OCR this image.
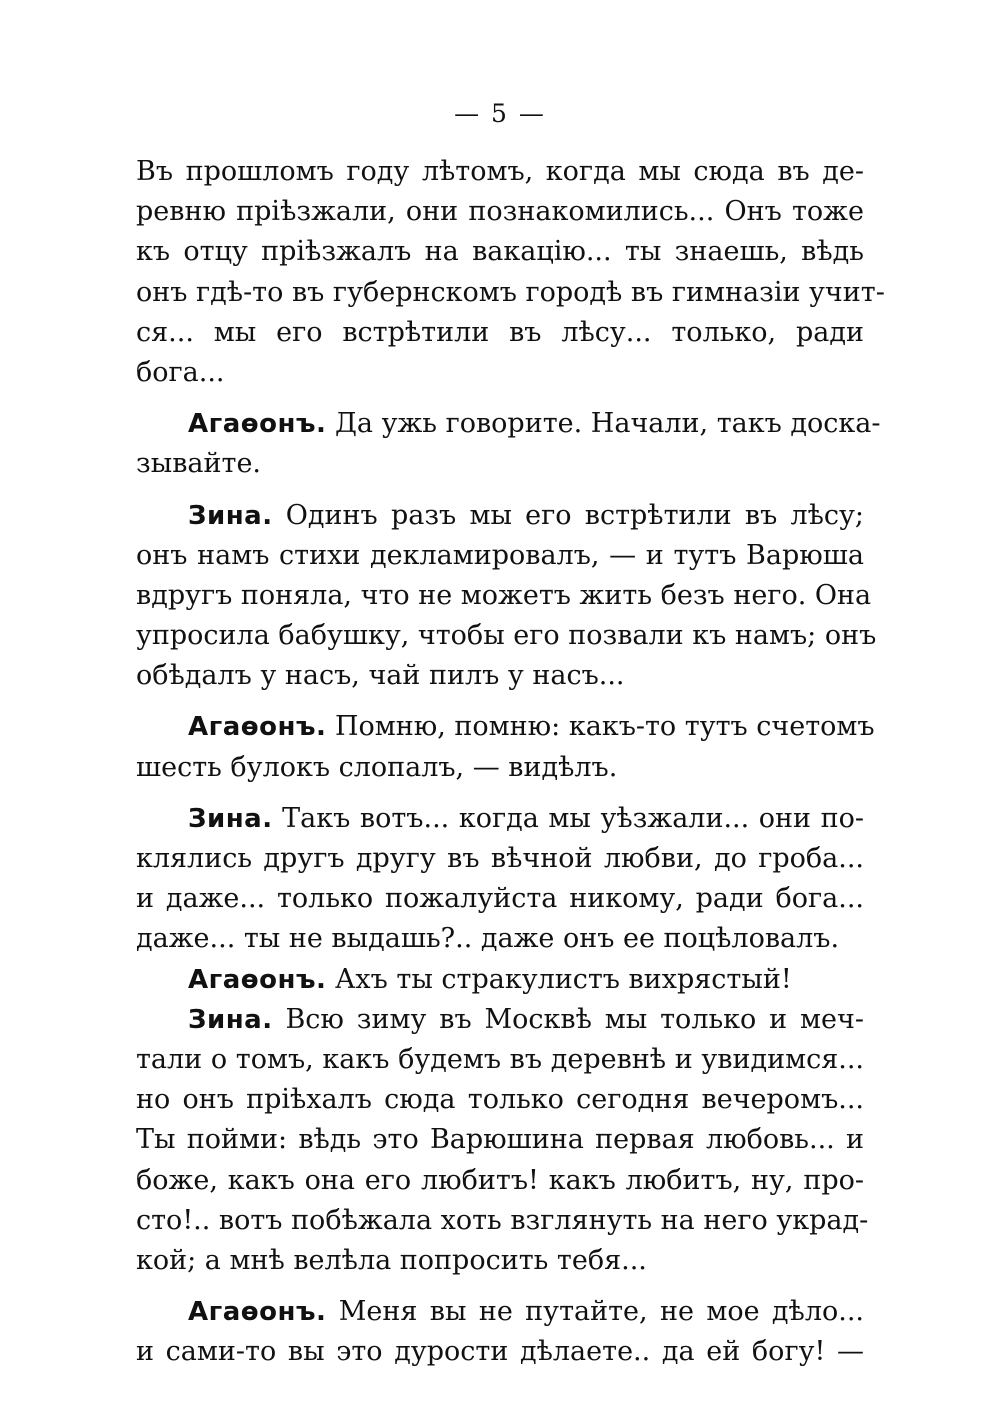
— 5 —
Въ прошломъ году лѣтомъ, когда мы сюда въ де-
ревню пріѣзжали, они познакомились... Онъ тоже
къ отцу пріѣзжалъ на вакацію... ты знаешь, вѣдь
онъ гдѣ-то въ губернскомъ городѣ въ гимназіи учит-
ся... мы его встрѣтили въ лѣсу... только, ради
бога...
Агаѳонъ. Да ужь говорите. Начали, такъ доска-
зывайте.
Зина. Одинъ разъ мы его встрѣтили въ лѣсу;
онъ намъ стихи декламировалъ, — и тутъ Варюша
вдругъ поняла, что не можетъ жить безъ него. Она
упросила бабушку, чтобы его позвали къ намъ; онъ
обѣдалъ у насъ, чай пилъ у насъ...
Агаѳонъ. Помню, помню: какъ-то тутъ счетомъ
шесть булокъ слопалъ, — видѣлъ.
Зина. Такъ вотъ... когда мы уѣзжали... они по-
клялись другъ другу въ вѣчной любви, до гроба...
и даже... только пожалуйста никому, ради бога...
даже... ты не выдашь?.. даже онъ ее поцѣловалъ.
Агаѳонъ. Ахъ ты стракулистъ вихрястый!
Зина. Всю зиму въ Москвѣ мы только и меч-
тали о томъ, какъ будемъ въ деревнѣ и увидимся...
но онъ пріѣхалъ сюда только сегодня вечеромъ...
Ты пойми: вѣдь это Варюшина первая любовь... и
боже, какъ она его любитъ! какъ любитъ, ну, про-
сто!.. вотъ побѣжала хоть взглянуть на него украд-
кой; а мнѣ велѣла попросить тебя...
Агаѳонъ. Меня вы не путайте, не мое дѣло...
и сами-то вы это дурости дѣлаете.. да ей богу! —
